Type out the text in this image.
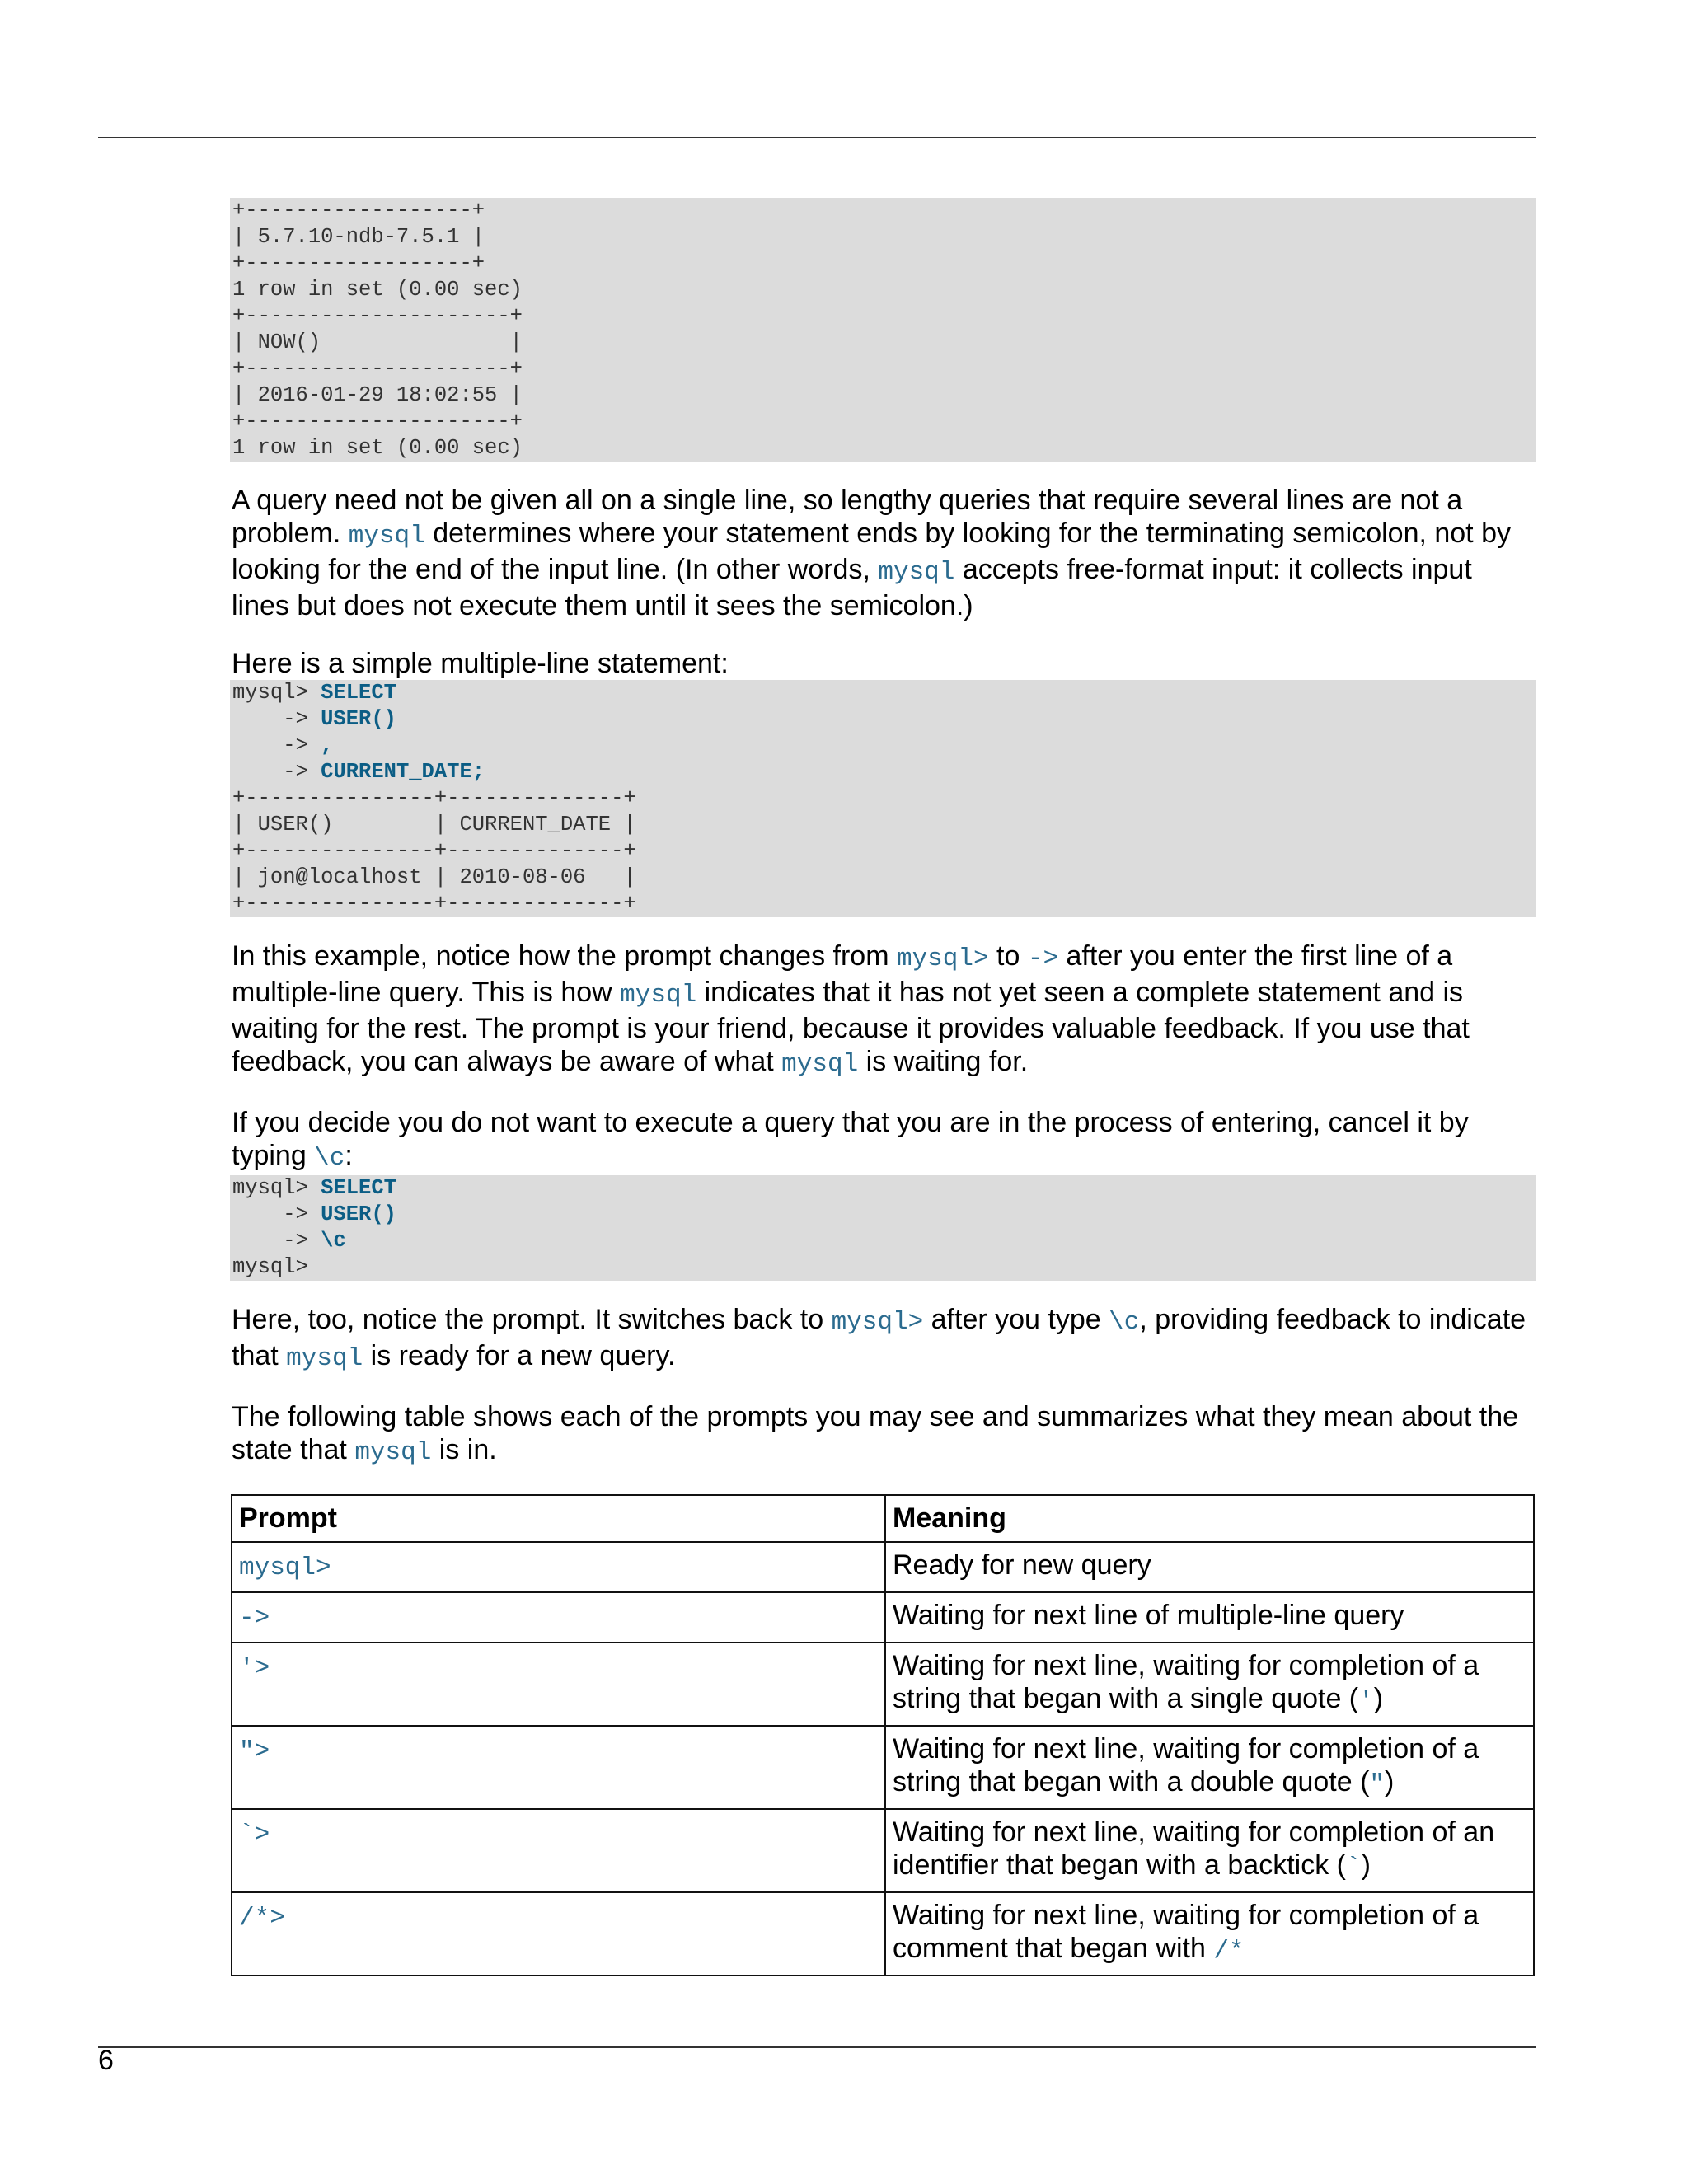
+------------------+
| 5.7.10-ndb-7.5.1 |
+------------------+
1 row in set (0.00 sec)
+---------------------+
| NOW()               |
+---------------------+
| 2016-01-29 18:02:55 |
+---------------------+
1 row in set (0.00 sec)

A query need not be given all on a single line, so lengthy queries that require several lines are not a problem. mysql determines where your statement ends by looking for the terminating semicolon, not by looking for the end of the input line. (In other words, mysql accepts free-format input: it collects input lines but does not execute them until it sees the semicolon.)

Here is a simple multiple-line statement:

mysql> SELECT
-> USER()
-> ,
-> CURRENT_DATE;
+---------------+--------------+
| USER()        | CURRENT_DATE |
+---------------+--------------+
| jon@localhost | 2010-08-06   |
+---------------+--------------+

In this example, notice how the prompt changes from mysql> to -> after you enter the first line of a multiple-line query. This is how mysql indicates that it has not yet seen a complete statement and is waiting for the rest. The prompt is your friend, because it provides valuable feedback. If you use that feedback, you can always be aware of what mysql is waiting for.

If you decide you do not want to execute a query that you are in the process of entering, cancel it by typing \c:

mysql> SELECT
-> USER()
-> \c
mysql>

Here, too, notice the prompt. It switches back to mysql> after you type \c, providing feedback to indicate that mysql is ready for a new query.

The following table shows each of the prompts you may see and summarizes what they mean about the state that mysql is in.

Prompt	Meaning
mysql>	Ready for new query
->	Waiting for next line of multiple-line query
'>	Waiting for next line, waiting for completion of a string that began with a single quote (')
">	Waiting for next line, waiting for completion of a string that began with a double quote (")
`>	Waiting for next line, waiting for completion of an identifier that began with a backtick (`)
/*>	Waiting for next line, waiting for completion of a comment that began with /*
6
